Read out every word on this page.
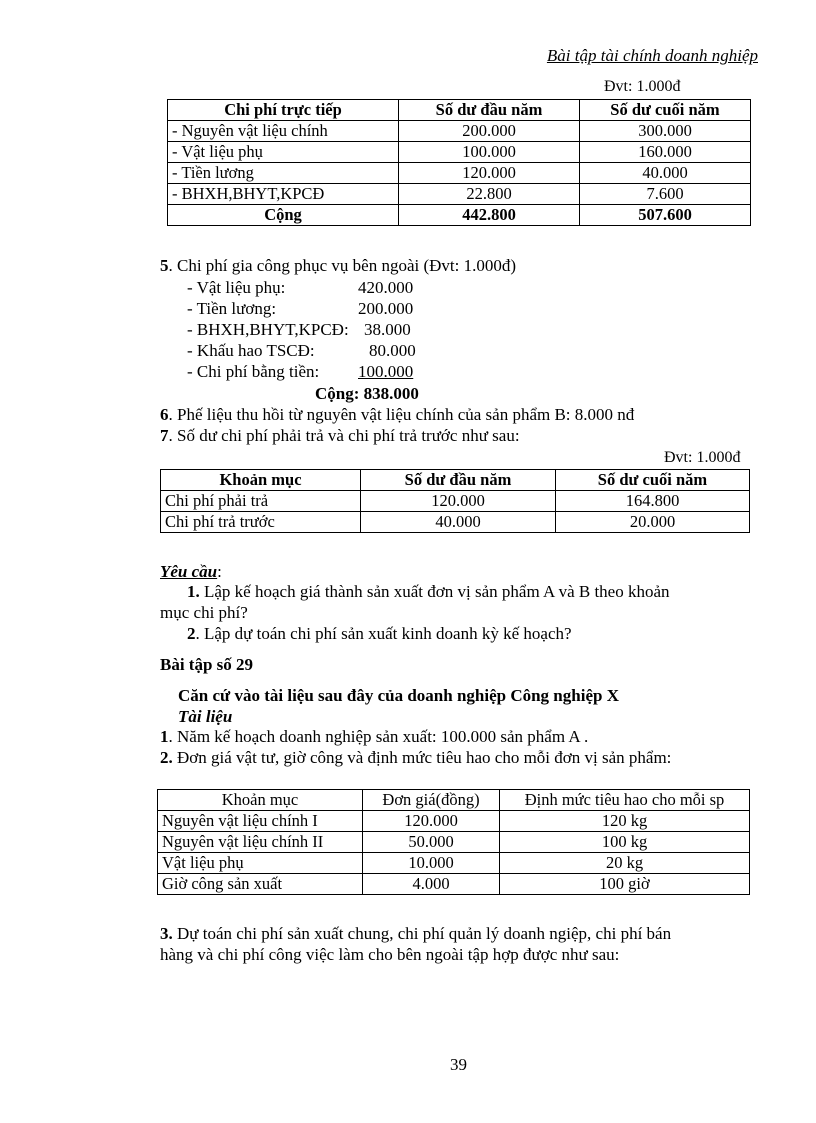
Bài tập tài chính doanh nghiệp
Đvt: 1.000đ
Chi phí trực tiếp	Số dư đầu năm	Số dư cuối năm
- Nguyên vật liệu chính	200.000	300.000
- Vật liệu phụ	100.000	160.000
- Tiền lương	120.000	40.000
- BHXH,BHYT,KPCĐ	22.800	7.600
Cộng	442.800	507.600
5. Chi phí gia công phục vụ bên ngoài (Đvt: 1.000đ)
- Vật liệu phụ:	420.000
- Tiền lương:	200.000
- BHXH,BHYT,KPCĐ: 38.000
- Khấu hao TSCĐ:	80.000
- Chi phí bằng tiền: 100.000
Cộng: 838.000
6. Phế liệu thu hồi từ nguyên vật liệu chính của sản phẩm B: 8.000 nđ
7. Số dư chi phí phải trả và chi phí trả trước như sau:
Đvt: 1.000đ
Khoản mục	Số dư đầu năm	Số dư cuối năm
Chi phí phải trả	120.000	164.800
Chi phí trả trước	40.000	20.000
Yêu cầu:
1. Lập kế hoạch giá thành sản xuất đơn vị sản phẩm A và B theo khoản
mục chi phí?
2. Lập dự toán chi phí sản xuất kinh doanh kỳ kế hoạch?
Bài tập số 29
Căn cứ vào tài liệu sau đây của doanh nghiệp Công nghiệp X
Tài liệu
1. Năm kế hoạch doanh nghiệp sản xuất: 100.000 sản phẩm A .
2. Đơn giá vật tư, giờ công và định mức tiêu hao cho mỗi đơn vị sản phẩm:
Khoản mục	Đơn giá(đồng)	Định mức tiêu hao cho mỗi sp
Nguyên vật liệu chính I	120.000	120 kg
Nguyên vật liệu chính II	50.000	100 kg
Vật liệu phụ	10.000	20 kg
Giờ công sản xuất	4.000	100 giờ
3. Dự toán chi phí sản xuất chung, chi phí quản lý doanh ngiệp, chi phí bán
hàng và chi phí công việc làm cho bên ngoài tập hợp được như sau:
39
